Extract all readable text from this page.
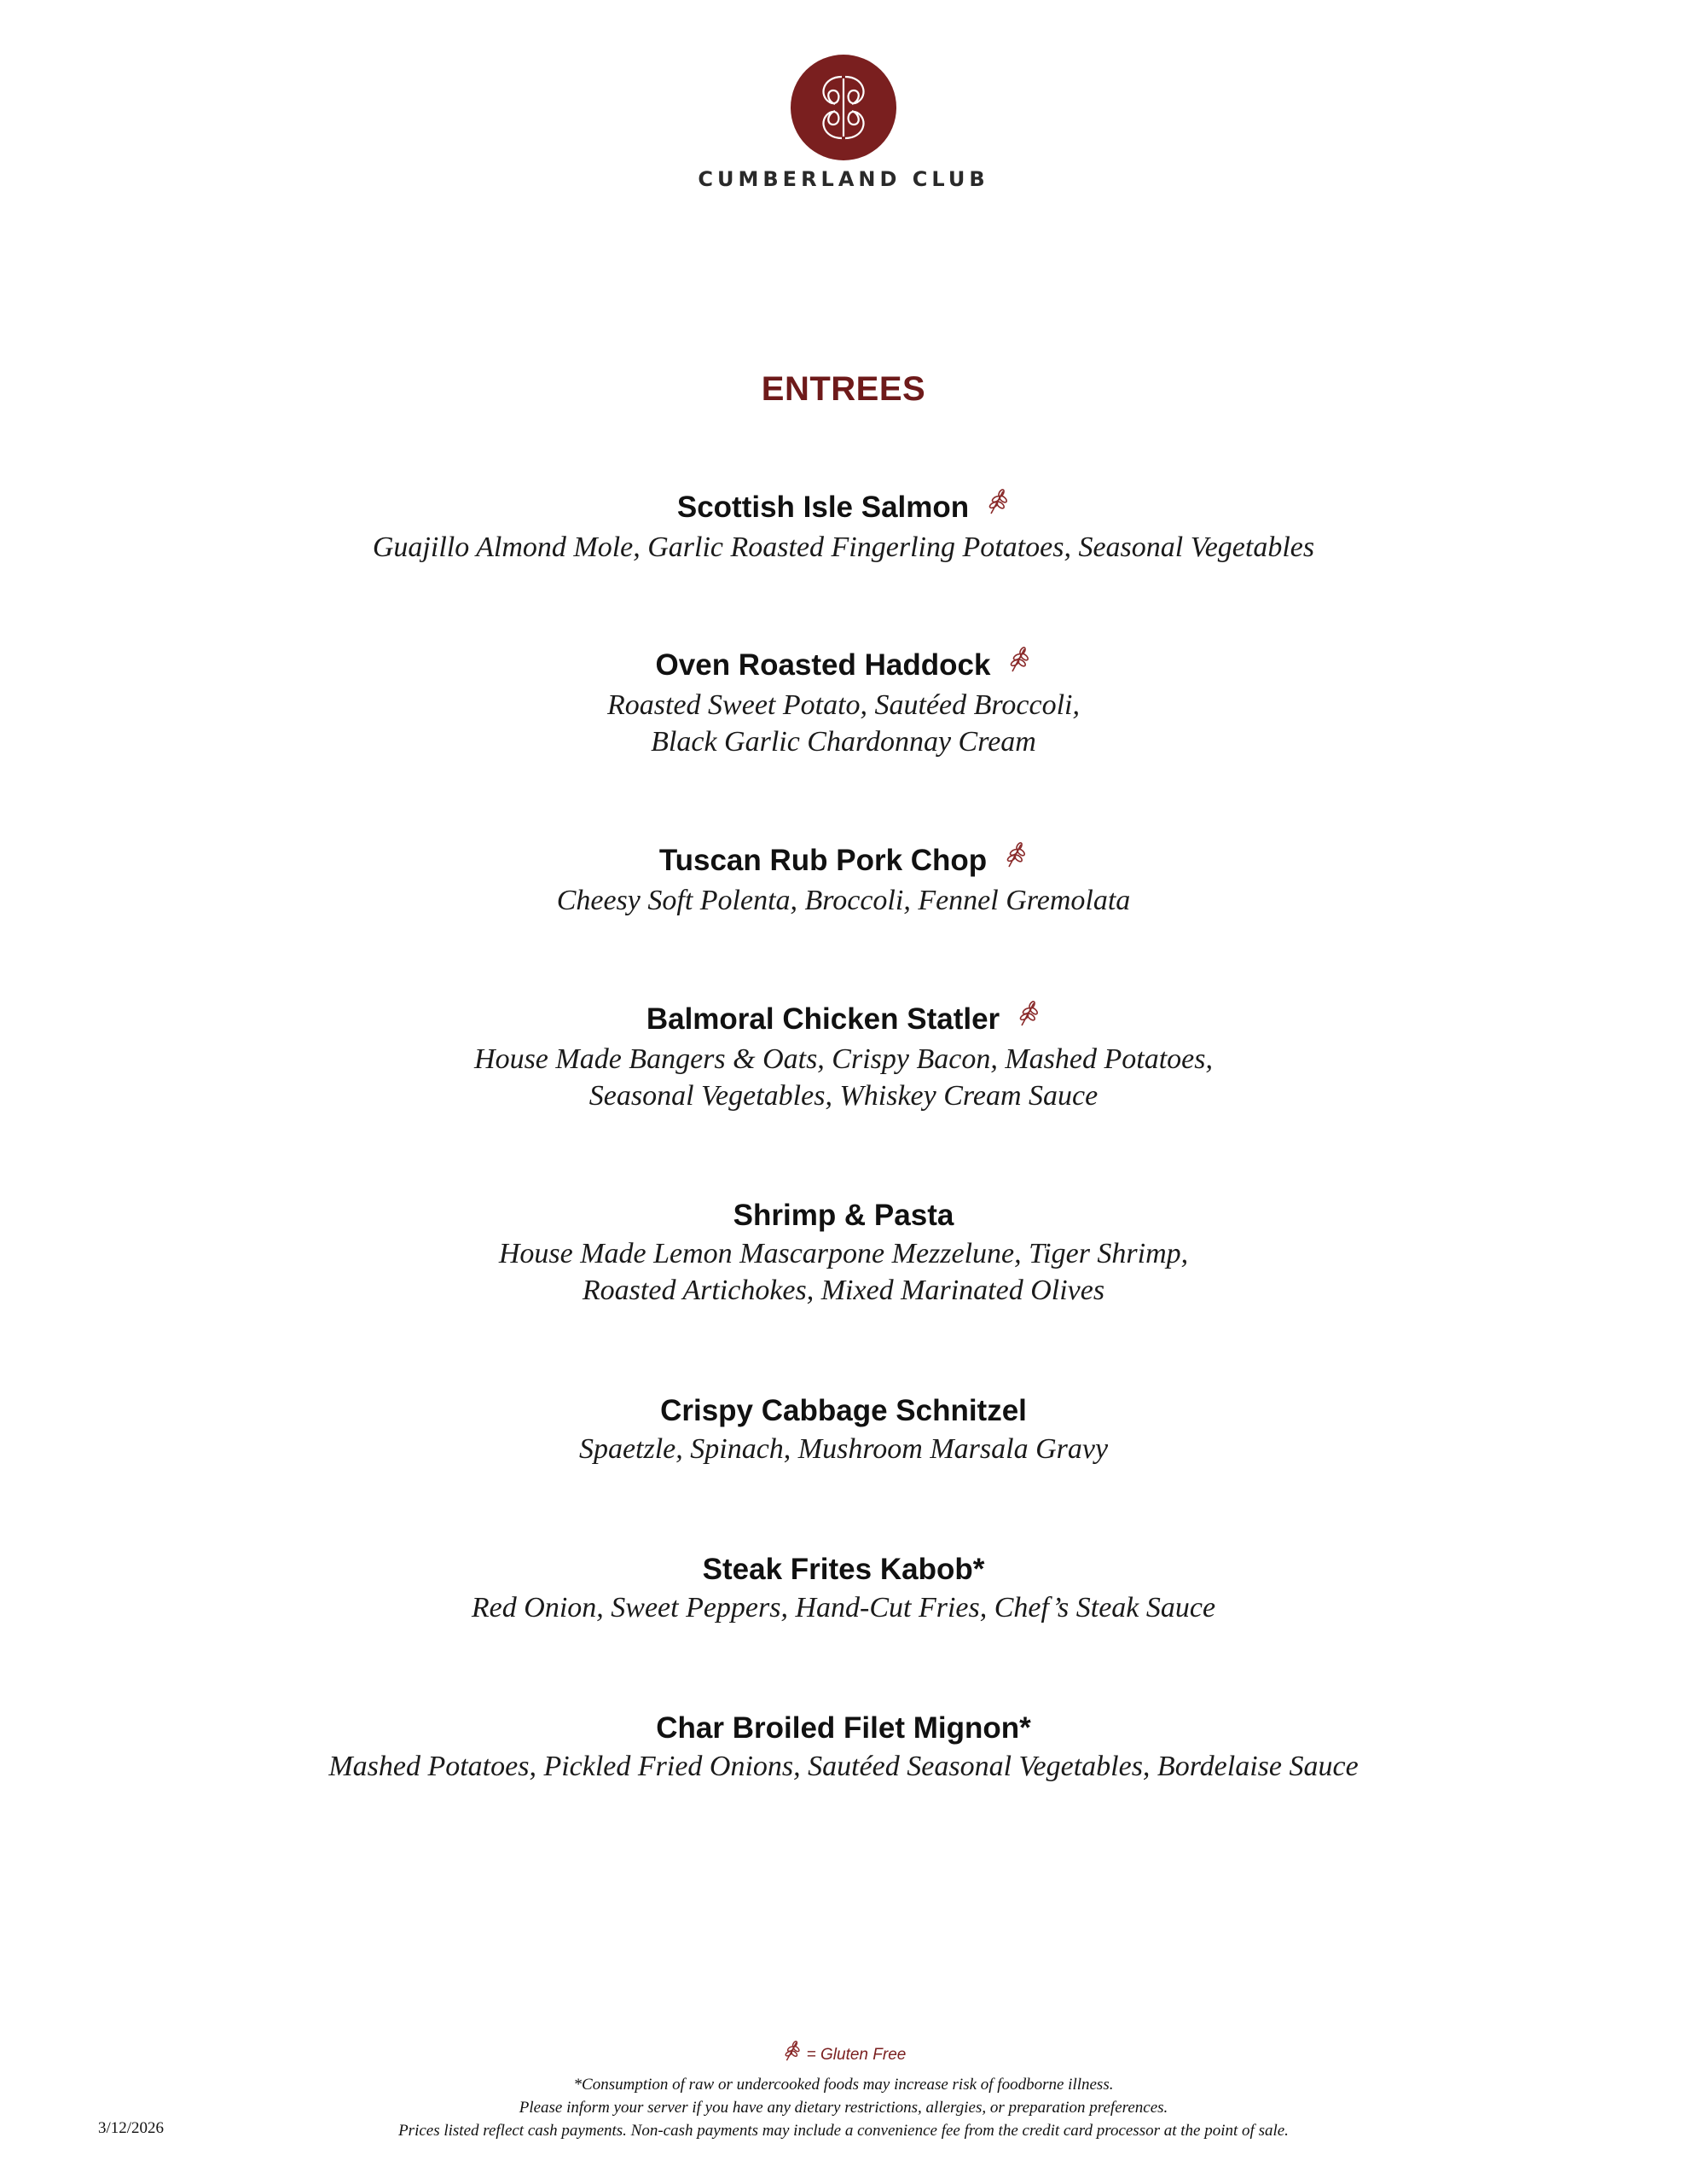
CUMBERLAND CLUB
ENTREES
Scottish Isle Salmon
Guajillo Almond Mole, Garlic Roasted Fingerling Potatoes, Seasonal Vegetables
Oven Roasted Haddock
Roasted Sweet Potato, Sautéed Broccoli,
Black Garlic Chardonnay Cream
Tuscan Rub Pork Chop
Cheesy Soft Polenta, Broccoli, Fennel Gremolata
Balmoral Chicken Statler
House Made Bangers & Oats, Crispy Bacon, Mashed Potatoes,
Seasonal Vegetables, Whiskey Cream Sauce
Shrimp & Pasta
House Made Lemon Mascarpone Mezzelune, Tiger Shrimp,
Roasted Artichokes, Mixed Marinated Olives
Crispy Cabbage Schnitzel
Spaetzle, Spinach, Mushroom Marsala Gravy
Steak Frites Kabob*
Red Onion, Sweet Peppers, Hand-Cut Fries, Chef’s Steak Sauce
Char Broiled Filet Mignon*
Mashed Potatoes, Pickled Fried Onions, Sautéed Seasonal Vegetables, Bordelaise Sauce
= Gluten Free
*Consumption of raw or undercooked foods may increase risk of foodborne illness.
Please inform your server if you have any dietary restrictions, allergies, or preparation preferences.
Prices listed reflect cash payments. Non-cash payments may include a convenience fee from the credit card processor at the point of sale.
3/12/2026
